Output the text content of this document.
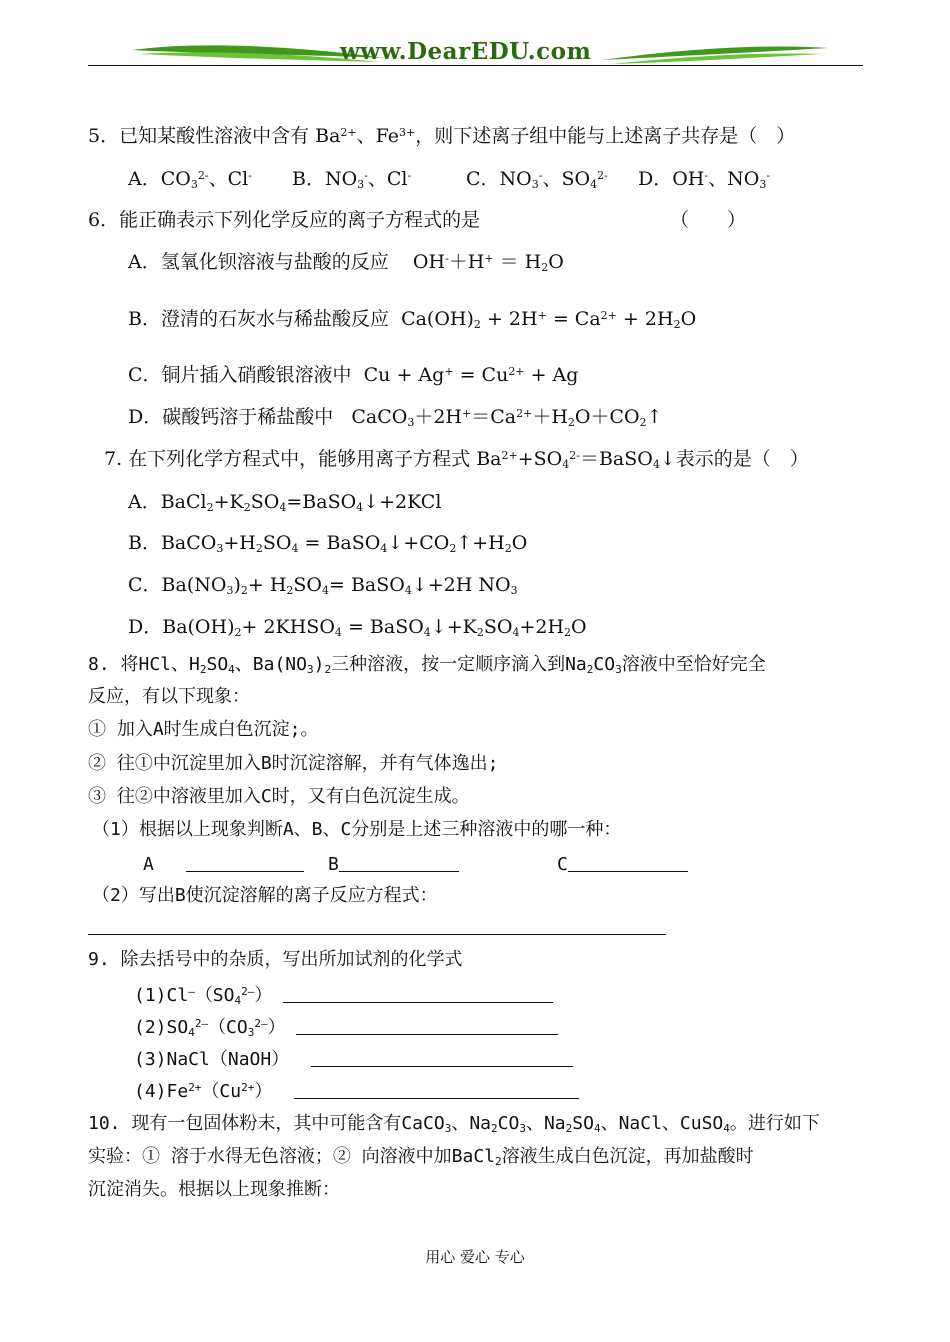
www.DearEDU.com
5．已知某酸性溶液中含有 $Ba^{2+}$、$Fe^{3+}$，则下述离子组中能与上述离子共存是（　）
A．$CO_3^{2-}$、Cl- B．$NO_3^-$、Cl-	C．$NO_3^-$、$SO_4^{2-}$ D．OH-、$NO_3^-$
6．能正确表示下列化学反应的离子方程式的是	（　　）
A．氢氧化钡溶液与盐酸的反应 $OH^-+H^+ = H_2O$
B．澄清的石灰水与稀盐酸反应 $Ca(OH)_2 + 2H^+ = Ca^{2+} + 2H_2O$
C．铜片插入硝酸银溶液中 $Cu + Ag^+ = Cu^{2+} + Ag$
D．碳酸钙溶于稀盐酸中 $CaCO_3+2H^+=Ca^{2+}+H_2O+CO_2↑$
7. 在下列化学方程式中，能够用离子方程式 $Ba^{2+}+SO_4^{2-}=BaSO_4↓$表示的是（　）
A．$BaCl_2+K_2SO_4=BaSO_4↓+2KCl$
B．$BaCO_3+H_2SO_4$ = $BaSO_4↓+CO_2↑+H_2O$
C．$Ba(NO_3)_2+ H_2SO_4=$ BaSO$_4$↓+2H $NO_3$
D．$Ba(OH)_2+$ $2KHSO_4$ = $BaSO_4↓+K_2SO_4+2H_2O$
8. 将HCl、$H_2SO_4$、$Ba(NO_3)_2$三种溶液，按一定顺序滴入到$Na_2CO_3$溶液中至恰好完全
反应，有以下现象：
① 加入A时生成白色沉淀;。
② 往①中沉淀里加入B时沉淀溶解，并有气体逸出;
③ 往②中溶液里加入C时，又有白色沉淀生成。
（1）根据以上现象判断A、B、C分别是上述三种溶液中的哪一种：
A	B	C
（2）写出B使沉淀溶解的离子反应方程式：
9. 除去括号中的杂质，写出所加试剂的化学式
$(1)Cl^—(SO_4^{2—})$
$(2)SO_4^{2—}(CO_3^{2—})$
(3)NaCl（NaOH）
$(4)Fe^{2+}(Cu^{2+})$
10. 现有一包固体粉末，其中可能含有CaCO$_3$、$Na_2CO_3$、$Na_2SO_4$、NaCl、CuSO$_4$。进行如下
实验：① 溶于水得无色溶液；② 向溶液中加BaCl$_2$溶液生成白色沉淀，再加盐酸时
沉淀消失。根据以上现象推断：
用心 爱心 专心
